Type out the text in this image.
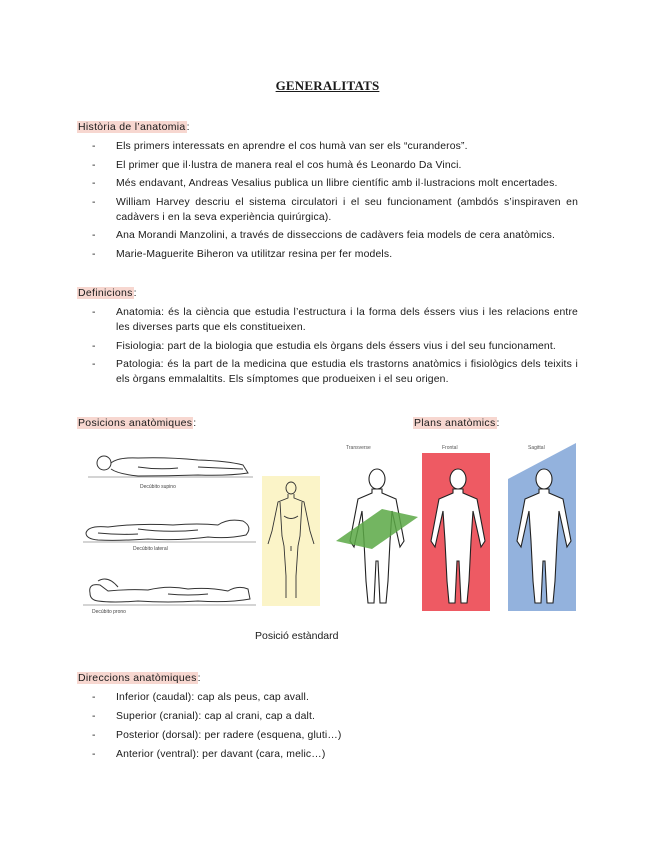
GENERALITATS
Història de l’anatomia:
- Els primers interessats en aprendre el cos humà van ser els “curanderos”.
- El primer que il·lustra de manera real el cos humà és Leonardo Da Vinci.
- Més endavant, Andreas Vesalius publica un llibre científic amb il·lustracions molt encertades.
- William Harvey descriu el sistema circulatori i el seu funcionament (ambdós s’inspiraven en cadàvers i en la seva experiència quirúrgica).
- Ana Morandi Manzolini, a través de disseccions de cadàvers feia models de cera anatòmics.
- Marie-Maguerite Biheron va utilitzar resina per fer models.
Definicions:
- Anatomia: és la ciència que estudia l’estructura i la forma dels éssers vius i les relacions entre les diverses parts que els constitueixen.
- Fisiologia: part de la biologia que estudia els òrgans dels éssers vius i del seu funcionament.
- Patologia: és la part de la medicina que estudia els trastorns anatòmics i fisiològics dels teixits i els òrgans emmalaltits. Els símptomes que produeixen i el seu origen.
Posicions anatòmiques:	Plans anatòmics:
Decúbito supino
Decúbito lateral
Decúbito prono
Transverse	Frontal	Sagittal
Posició estàndard
Direccions anatòmiques:
- Inferior (caudal): cap als peus, cap avall.
- Superior (cranial): cap al crani, cap a dalt.
- Posterior (dorsal): per radere (esquena, gluti…)
- Anterior (ventral): per davant (cara, melic…)
